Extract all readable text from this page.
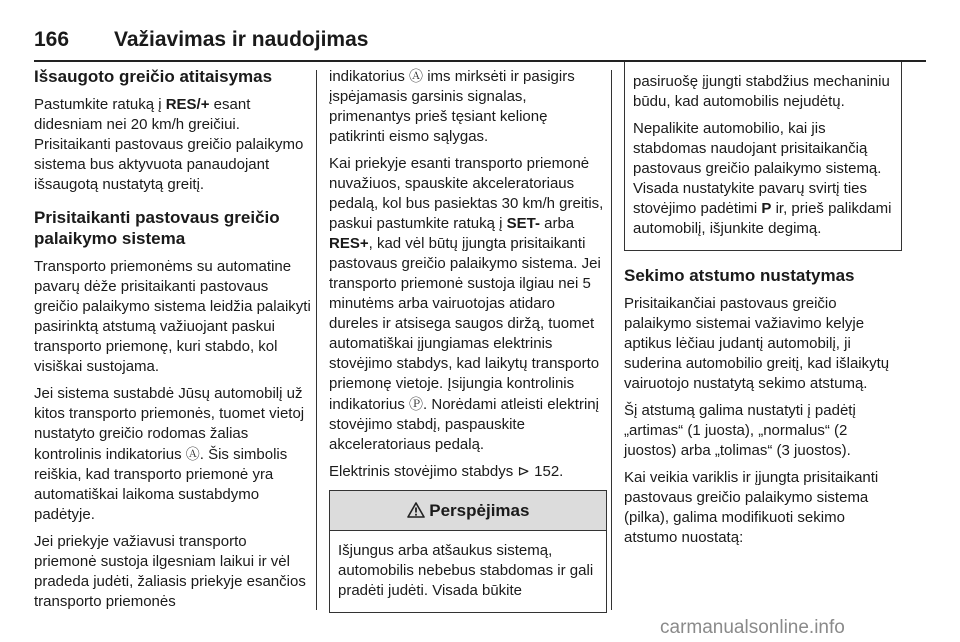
166 Važiavimas ir naudojimas
Išsaugoto greičio atitaisymas

Pastumkite ratuką į RES/+ esant didesniam nei 20 km/h greičiui. Prisitaikanti pastovaus greičio palaikymo sistema bus aktyvuota panaudojant išsaugotą nustatytą greitį.

Prisitaikanti pastovaus greičio palaikymo sistema

Transporto priemonėms su automatine pavarų dėže prisitaikanti pastovaus greičio palaikymo sistema leidžia palaikyti pasirinktą atstumą važiuojant paskui transporto priemonę, kuri stabdo, kol visiškai sustojama.

Jei sistema sustabdė Jūsų automobilį už kitos transporto priemonės, tuomet vietoj nustatyto greičio rodomas žalias kontrolinis indikatorius Ⓐ. Šis simbolis reiškia, kad transporto priemonė yra automatiškai laikoma sustabdymo padėtyje.

Jei priekyje važiavusi transporto priemonė sustoja ilgesniam laikui ir vėl pradeda judėti, žaliasis priekyje esančios transporto priemonės

indikatorius Ⓐ ims mirksėti ir pasigirs įspėjamasis garsinis signalas, primenantys prieš tęsiant kelionę patikrinti eismo sąlygas.

Kai priekyje esanti transporto priemonė nuvažiuos, spauskite akceleratoriaus pedalą, kol bus pasiektas 30 km/h greitis, paskui pastumkite ratuką į SET- arba RES+, kad vėl būtų įjungta prisitaikanti pastovaus greičio palaikymo sistema. Jei transporto priemonė sustoja ilgiau nei 5 minutėms arba vairuotojas atidaro dureles ir atsisega saugos diržą, tuomet automatiškai įjungiamas elektrinis stovėjimo stabdys, kad laikytų transporto priemonę vietoje. Įsijungia kontrolinis indikatorius Ⓟ. Norėdami atleisti elektrinį stovėjimo stabdį, paspauskite akceleratoriaus pedalą.

Elektrinis stovėjimo stabdys ⊳ 152.

Perspėjimas

Išjungus arba atšaukus sistemą, automobilis nebebus stabdomas ir gali pradėti judėti. Visada būkite

pasiruošę įjungti stabdžius mechaniniu būdu, kad automobilis nejudėtų.

Nepalikite automobilio, kai jis stabdomas naudojant prisitaikančią pastovaus greičio palaikymo sistemą. Visada nustatykite pavarų svirtį ties stovėjimo padėtimi P ir, prieš palikdami automobilį, išjunkite degimą.

Sekimo atstumo nustatymas

Prisitaikančiai pastovaus greičio palaikymo sistemai važiavimo kelyje aptikus lėčiau judantį automobilį, ji suderina automobilio greitį, kad išlaikytų vairuotojo nustatytą sekimo atstumą.

Šį atstumą galima nustatyti į padėtį „artimas“ (1 juosta), „normalus“ (2 juostos) arba „tolimas“ (3 juostos).

Kai veikia variklis ir įjungta prisitaikanti pastovaus greičio palaikymo sistema (pilka), galima modifikuoti sekimo atstumo nuostatą:

carmanualsonline.info
